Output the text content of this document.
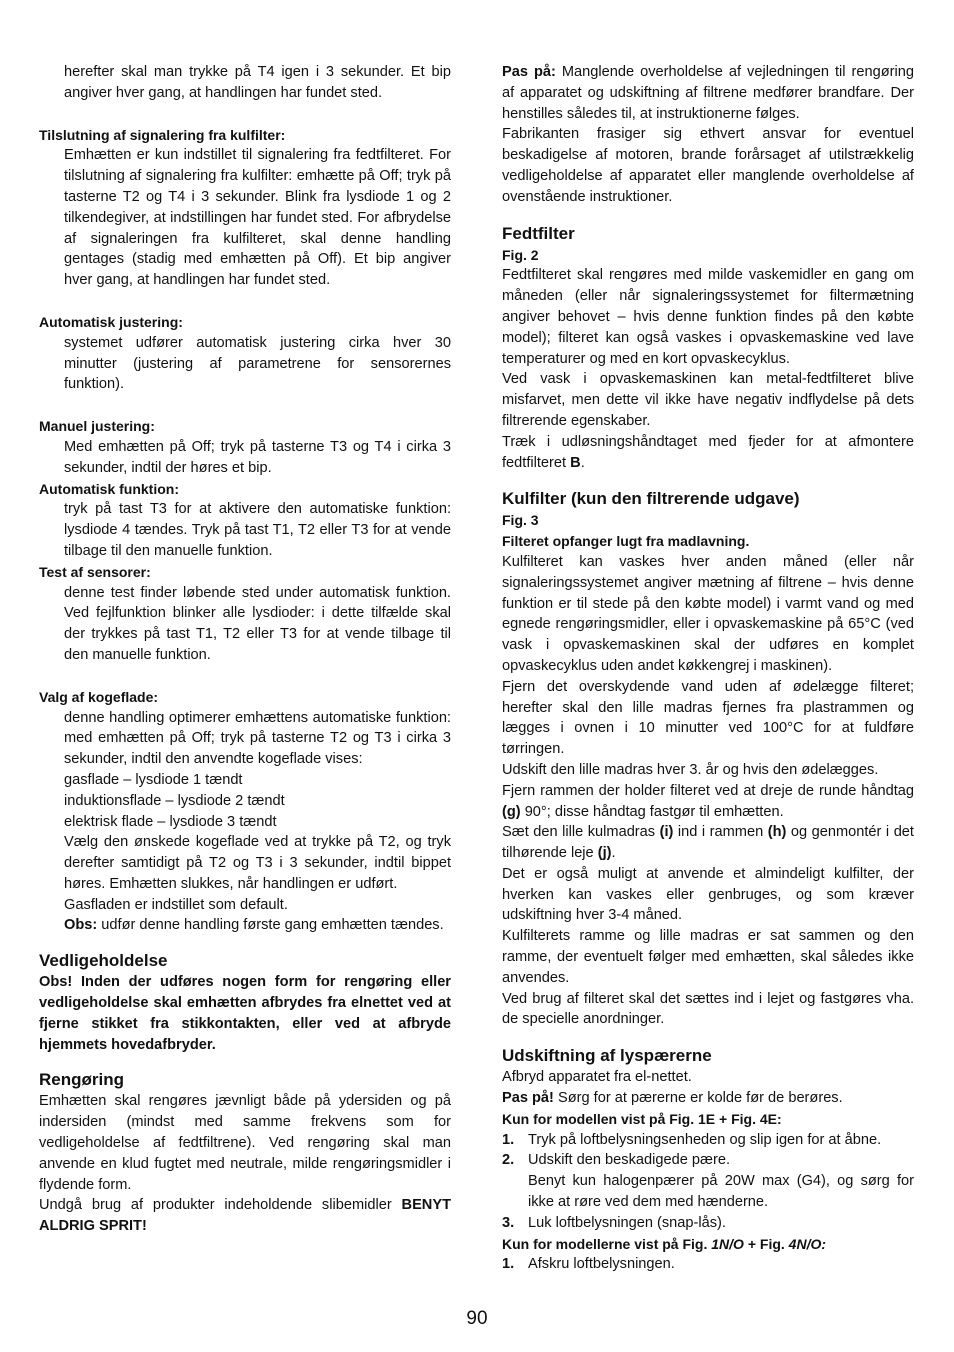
herefter skal man trykke på T4 igen i 3 sekunder. Et bip angiver hver gang, at handlingen har fundet sted.

Tilslutning af signalering fra kulfilter:

Emhætten er kun indstillet til signalering fra fedtfilteret. For tilslutning af signalering fra kulfilter: emhætte på Off; tryk på tasterne T2 og T4 i 3 sekunder. Blink fra lysdiode 1 og 2 tilkendegiver, at indstillingen har fundet sted. For afbrydelse af signaleringen fra kulfilteret, skal denne handling gentages (stadig med emhætten på Off). Et bip angiver hver gang, at handlingen har fundet sted.

Automatisk justering:

systemet udfører automatisk justering cirka hver 30 minutter (justering af parametrene for sensorernes funktion).

Manuel justering:

Med emhætten på Off; tryk på tasterne T3 og T4 i cirka 3 sekunder, indtil der høres et bip.

Automatisk funktion:

tryk på tast T3 for at aktivere den automatiske funktion: lysdiode 4 tændes. Tryk på tast T1, T2 eller T3 for at vende tilbage til den manuelle funktion.

Test af sensorer:

denne test finder løbende sted under automatisk funktion. Ved fejlfunktion blinker alle lysdioder: i dette tilfælde skal der trykkes på tast T1, T2 eller T3 for at vende tilbage til den manuelle funktion.

Valg af kogeflade:

denne handling optimerer emhættens automatiske funktion: med emhætten på Off; tryk på tasterne T2 og T3 i cirka 3 sekunder, indtil den anvendte kogeflade vises:

gasflade – lysdiode 1 tændt

induktionsflade – lysdiode 2 tændt

elektrisk flade – lysdiode 3 tændt

Vælg den ønskede kogeflade ved at trykke på T2, og tryk derefter samtidigt på T2 og T3 i 3 sekunder, indtil bippet høres. Emhætten slukkes, når handlingen er udført.

Gasfladen er indstillet som default.

Obs: udfør denne handling første gang emhætten tændes.

Vedligeholdelse

Obs! Inden der udføres nogen form for rengøring eller vedligeholdelse skal emhætten afbrydes fra elnettet ved at fjerne stikket fra stikkontakten, eller ved at afbryde hjemmets hovedafbryder.

Rengøring

Emhætten skal rengøres jævnligt både på ydersiden og på indersiden (mindst med samme frekvens som for vedligeholdelse af fedtfiltrene). Ved rengøring skal man anvende en klud fugtet med neutrale, milde rengøringsmidler i flydende form.

Undgå brug af produkter indeholdende slibemidler BENYT ALDRIG SPRIT!

Pas på: Manglende overholdelse af vejledningen til rengøring af apparatet og udskiftning af filtrene medfører brandfare. Der henstilles således til, at instruktionerne følges.

Fabrikanten frasiger sig ethvert ansvar for eventuel beskadigelse af motoren, brande forårsaget af utilstrækkelig vedligeholdelse af apparatet eller manglende overholdelse af ovenstående instruktioner.

Fedtfilter

Fig. 2

Fedtfilteret skal rengøres med milde vaskemidler en gang om måneden (eller når signaleringssystemet for filtermætning angiver behovet – hvis denne funktion findes på den købte model); filteret kan også vaskes i opvaskemaskine ved lave temperaturer og med en kort opvaskecyklus.

Ved vask i opvaskemaskinen kan metal-fedtfilteret blive misfarvet, men dette vil ikke have negativ indflydelse på dets filtrerende egenskaber.

Træk i udløsningshåndtaget med fjeder for at afmontere fedtfilteret B.

Kulfilter (kun den filtrerende udgave)

Fig. 3

Filteret opfanger lugt fra madlavning.

Kulfilteret kan vaskes hver anden måned (eller når signaleringssystemet angiver mætning af filtrene – hvis denne funktion er til stede på den købte model) i varmt vand og med egnede rengøringsmidler, eller i opvaskemaskine på 65°C (ved vask i opvaskemaskinen skal der udføres en komplet opvaskecyklus uden andet køkkengrej i maskinen).

Fjern det overskydende vand uden af ødelægge filteret; herefter skal den lille madras fjernes fra plastrammen og lægges i ovnen i 10 minutter ved 100°C for at fuldføre tørringen.

Udskift den lille madras hver 3. år og hvis den ødelægges.

Fjern rammen der holder filteret ved at dreje de runde håndtag (g) 90°; disse håndtag fastgør til emhætten.

Sæt den lille kulmadras (i) ind i rammen (h) og genmontér i det tilhørende leje (j).

Det er også muligt at anvende et almindeligt kulfilter, der hverken kan vaskes eller genbruges, og som kræver udskiftning hver 3-4 måned.

Kulfilterets ramme og lille madras er sat sammen og den ramme, der eventuelt følger med emhætten, skal således ikke anvendes.

Ved brug af filteret skal det sættes ind i lejet og fastgøres vha. de specielle anordninger.

Udskiftning af lyspærerne

Afbryd apparatet fra el-nettet.

Pas på! Sørg for at pærerne er kolde før de berøres.

Kun for modellen vist på Fig. 1E + Fig. 4E:

1. Tryk på loftbelysningsenheden og slip igen for at åbne.
2. Udskift den beskadigede pære.

Benyt kun halogenpærer på 20W max (G4), og sørg for ikke at røre ved dem med hænderne.

3. Luk loftbelysningen (snap-lås).

Kun for modellerne vist på Fig. 1N/O + Fig. 4N/O:

1. Afskru loftbelysningen.
90
